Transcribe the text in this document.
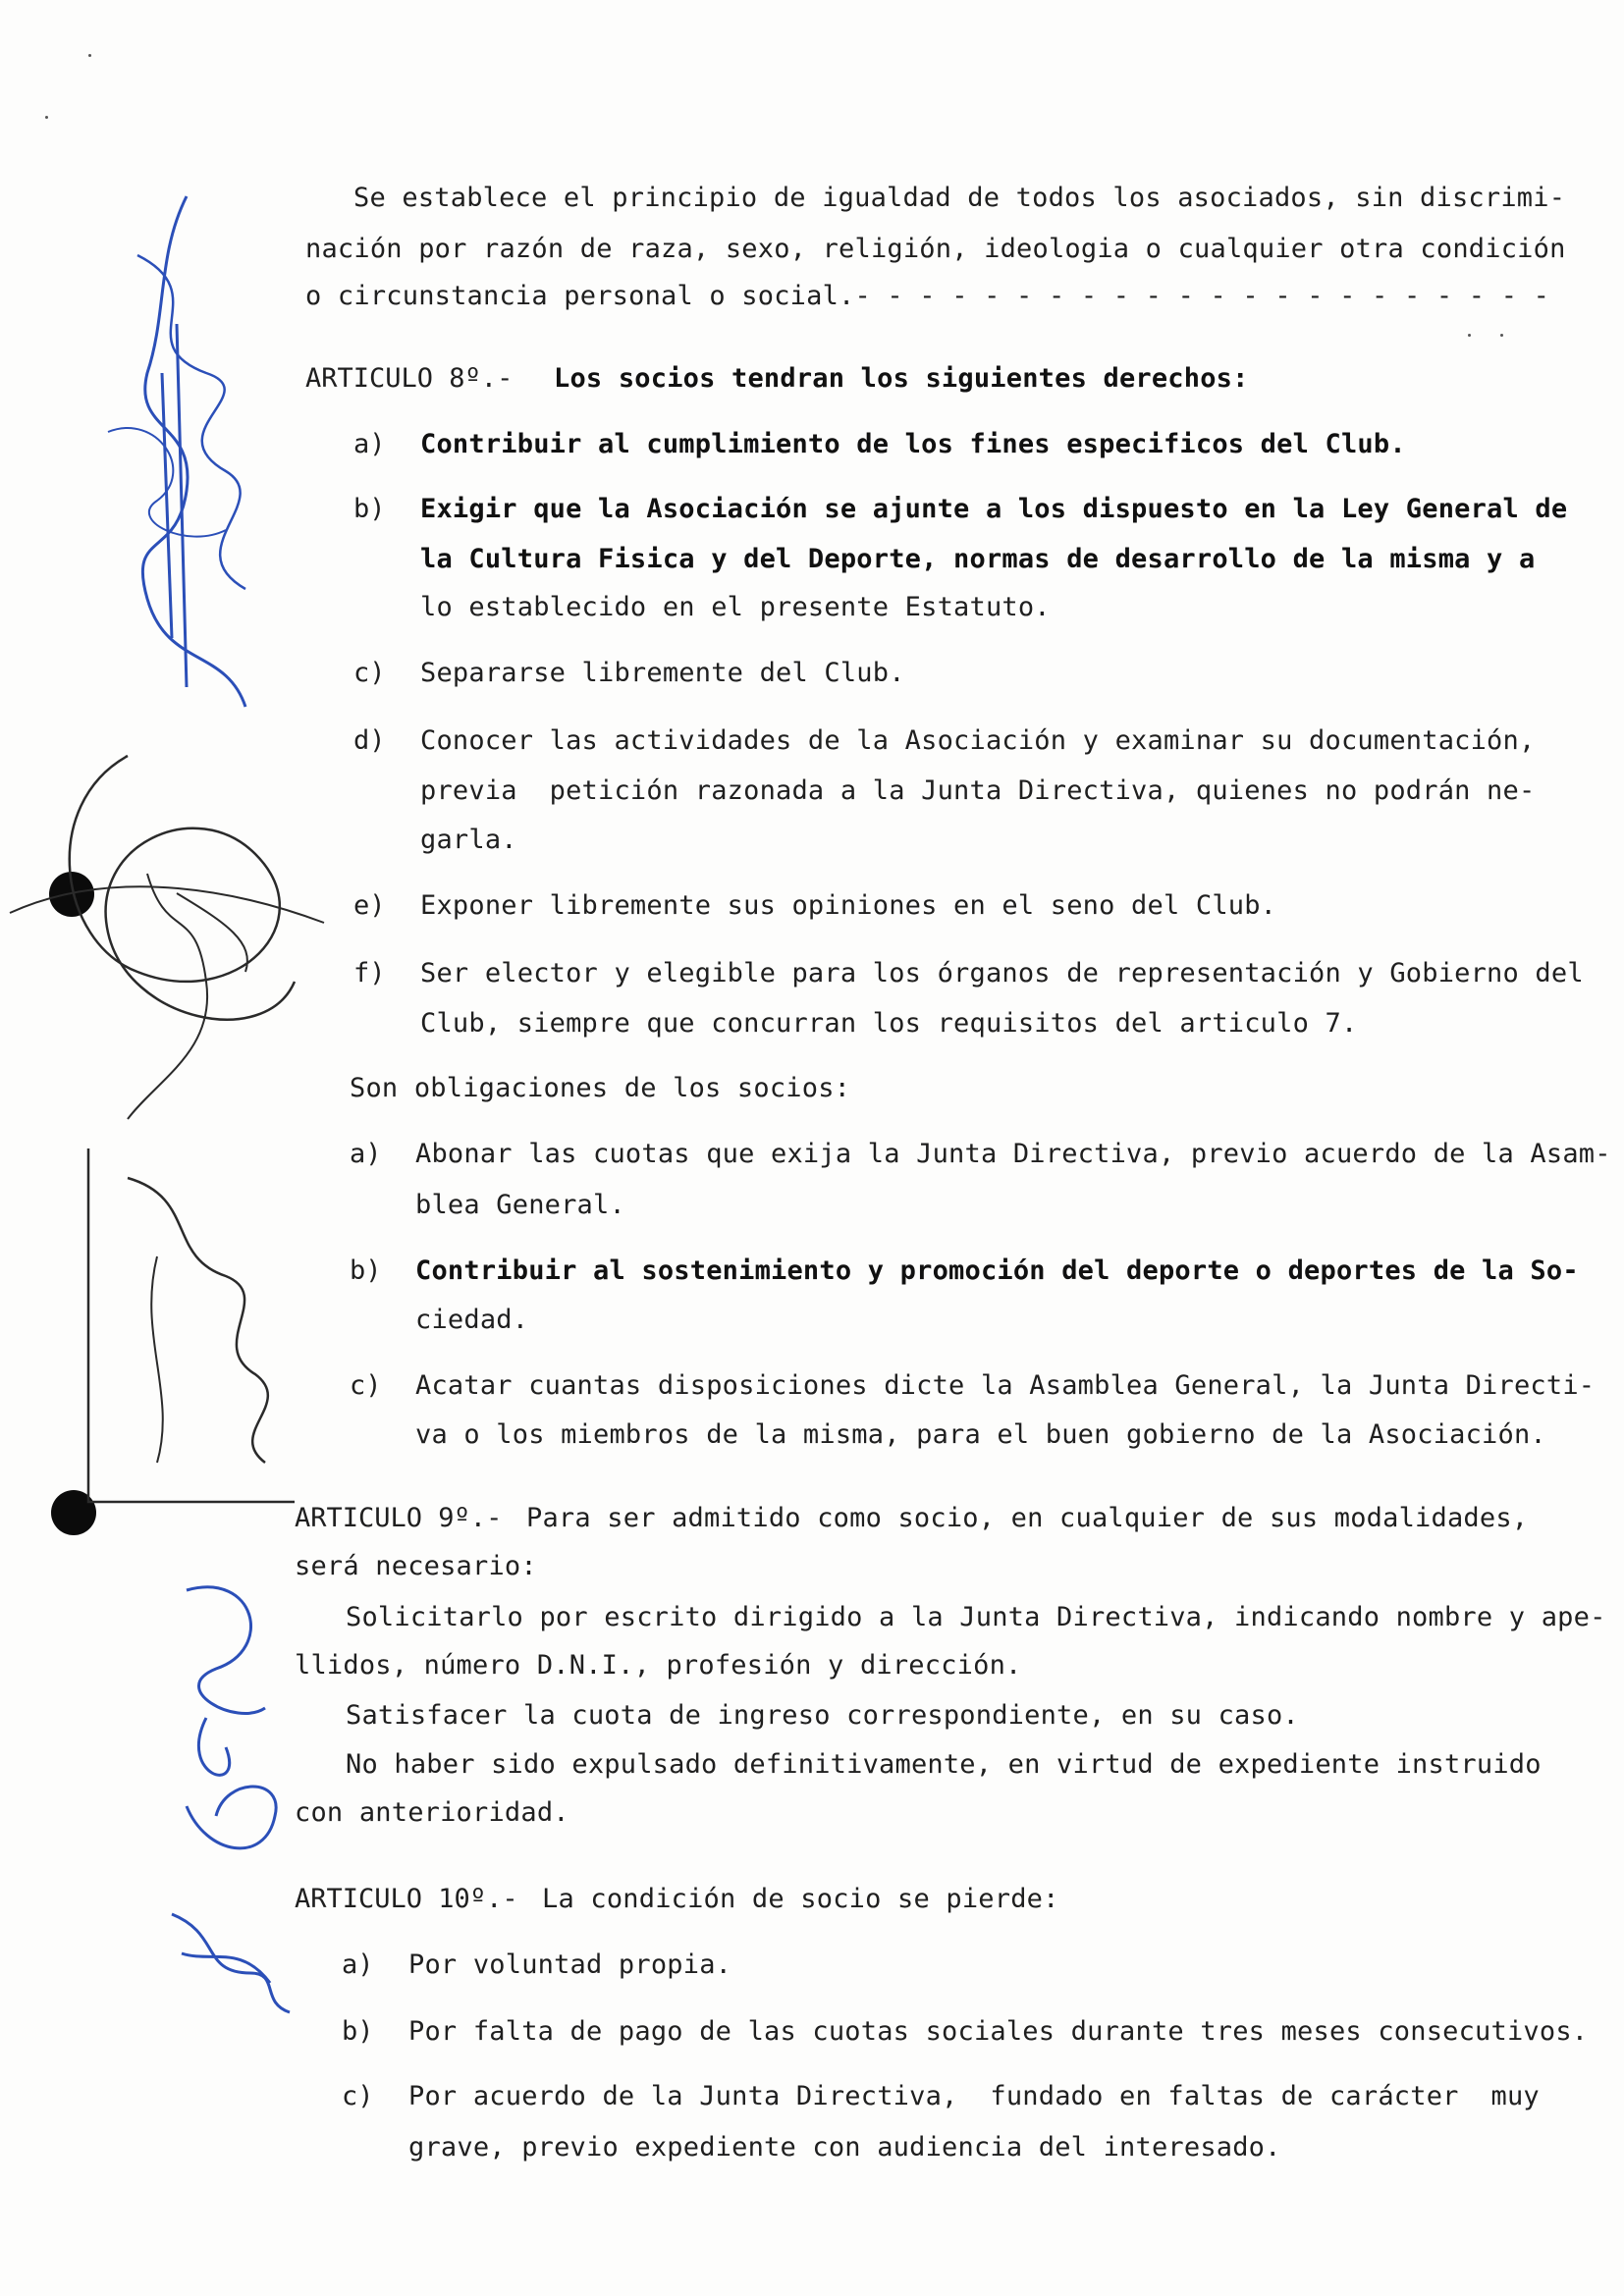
Se establece el principio de igualdad de todos los asociados, sin discrimi-
nación por razón de raza, sexo, religión, ideologia o cualquier otra condición
o circunstancia personal o social.- - - - - - - - - - - - - - - - - - - - - -
ARTICULO 8º.- Los socios tendran los siguientes derechos:
a) Contribuir al cumplimiento de los fines especificos del Club.
b) Exigir que la Asociación se ajunte a los dispuesto en la Ley General de
la Cultura Fisica y del Deporte, normas de desarrollo de la misma y a
lo establecido en el presente Estatuto.
c) Separarse libremente del Club.
d) Conocer las actividades de la Asociación y examinar su documentación,
previa  petición razonada a la Junta Directiva, quienes no podrán ne-
garla.
e) Exponer libremente sus opiniones en el seno del Club.
f) Ser elector y elegible para los órganos de representación y Gobierno del
Club, siempre que concurran los requisitos del articulo 7.
Son obligaciones de los socios:
a) Abonar las cuotas que exija la Junta Directiva, previo acuerdo de la Asam-
blea General.
b) Contribuir al sostenimiento y promoción del deporte o deportes de la So-
ciedad.
c) Acatar cuantas disposiciones dicte la Asamblea General, la Junta Directi-
va o los miembros de la misma, para el buen gobierno de la Asociación.
ARTICULO 9º.- Para ser admitido como socio, en cualquier de sus modalidades,
será necesario:
Solicitarlo por escrito dirigido a la Junta Directiva, indicando nombre y ape-
llidos, número D.N.I., profesión y dirección.
Satisfacer la cuota de ingreso correspondiente, en su caso.
No haber sido expulsado definitivamente, en virtud de expediente instruido
con anterioridad.
ARTICULO 10º.- La condición de socio se pierde:
a) Por voluntad propia.
b) Por falta de pago de las cuotas sociales durante tres meses consecutivos.
c) Por acuerdo de la Junta Directiva,  fundado en faltas de carácter  muy
grave, previo expediente con audiencia del interesado.
